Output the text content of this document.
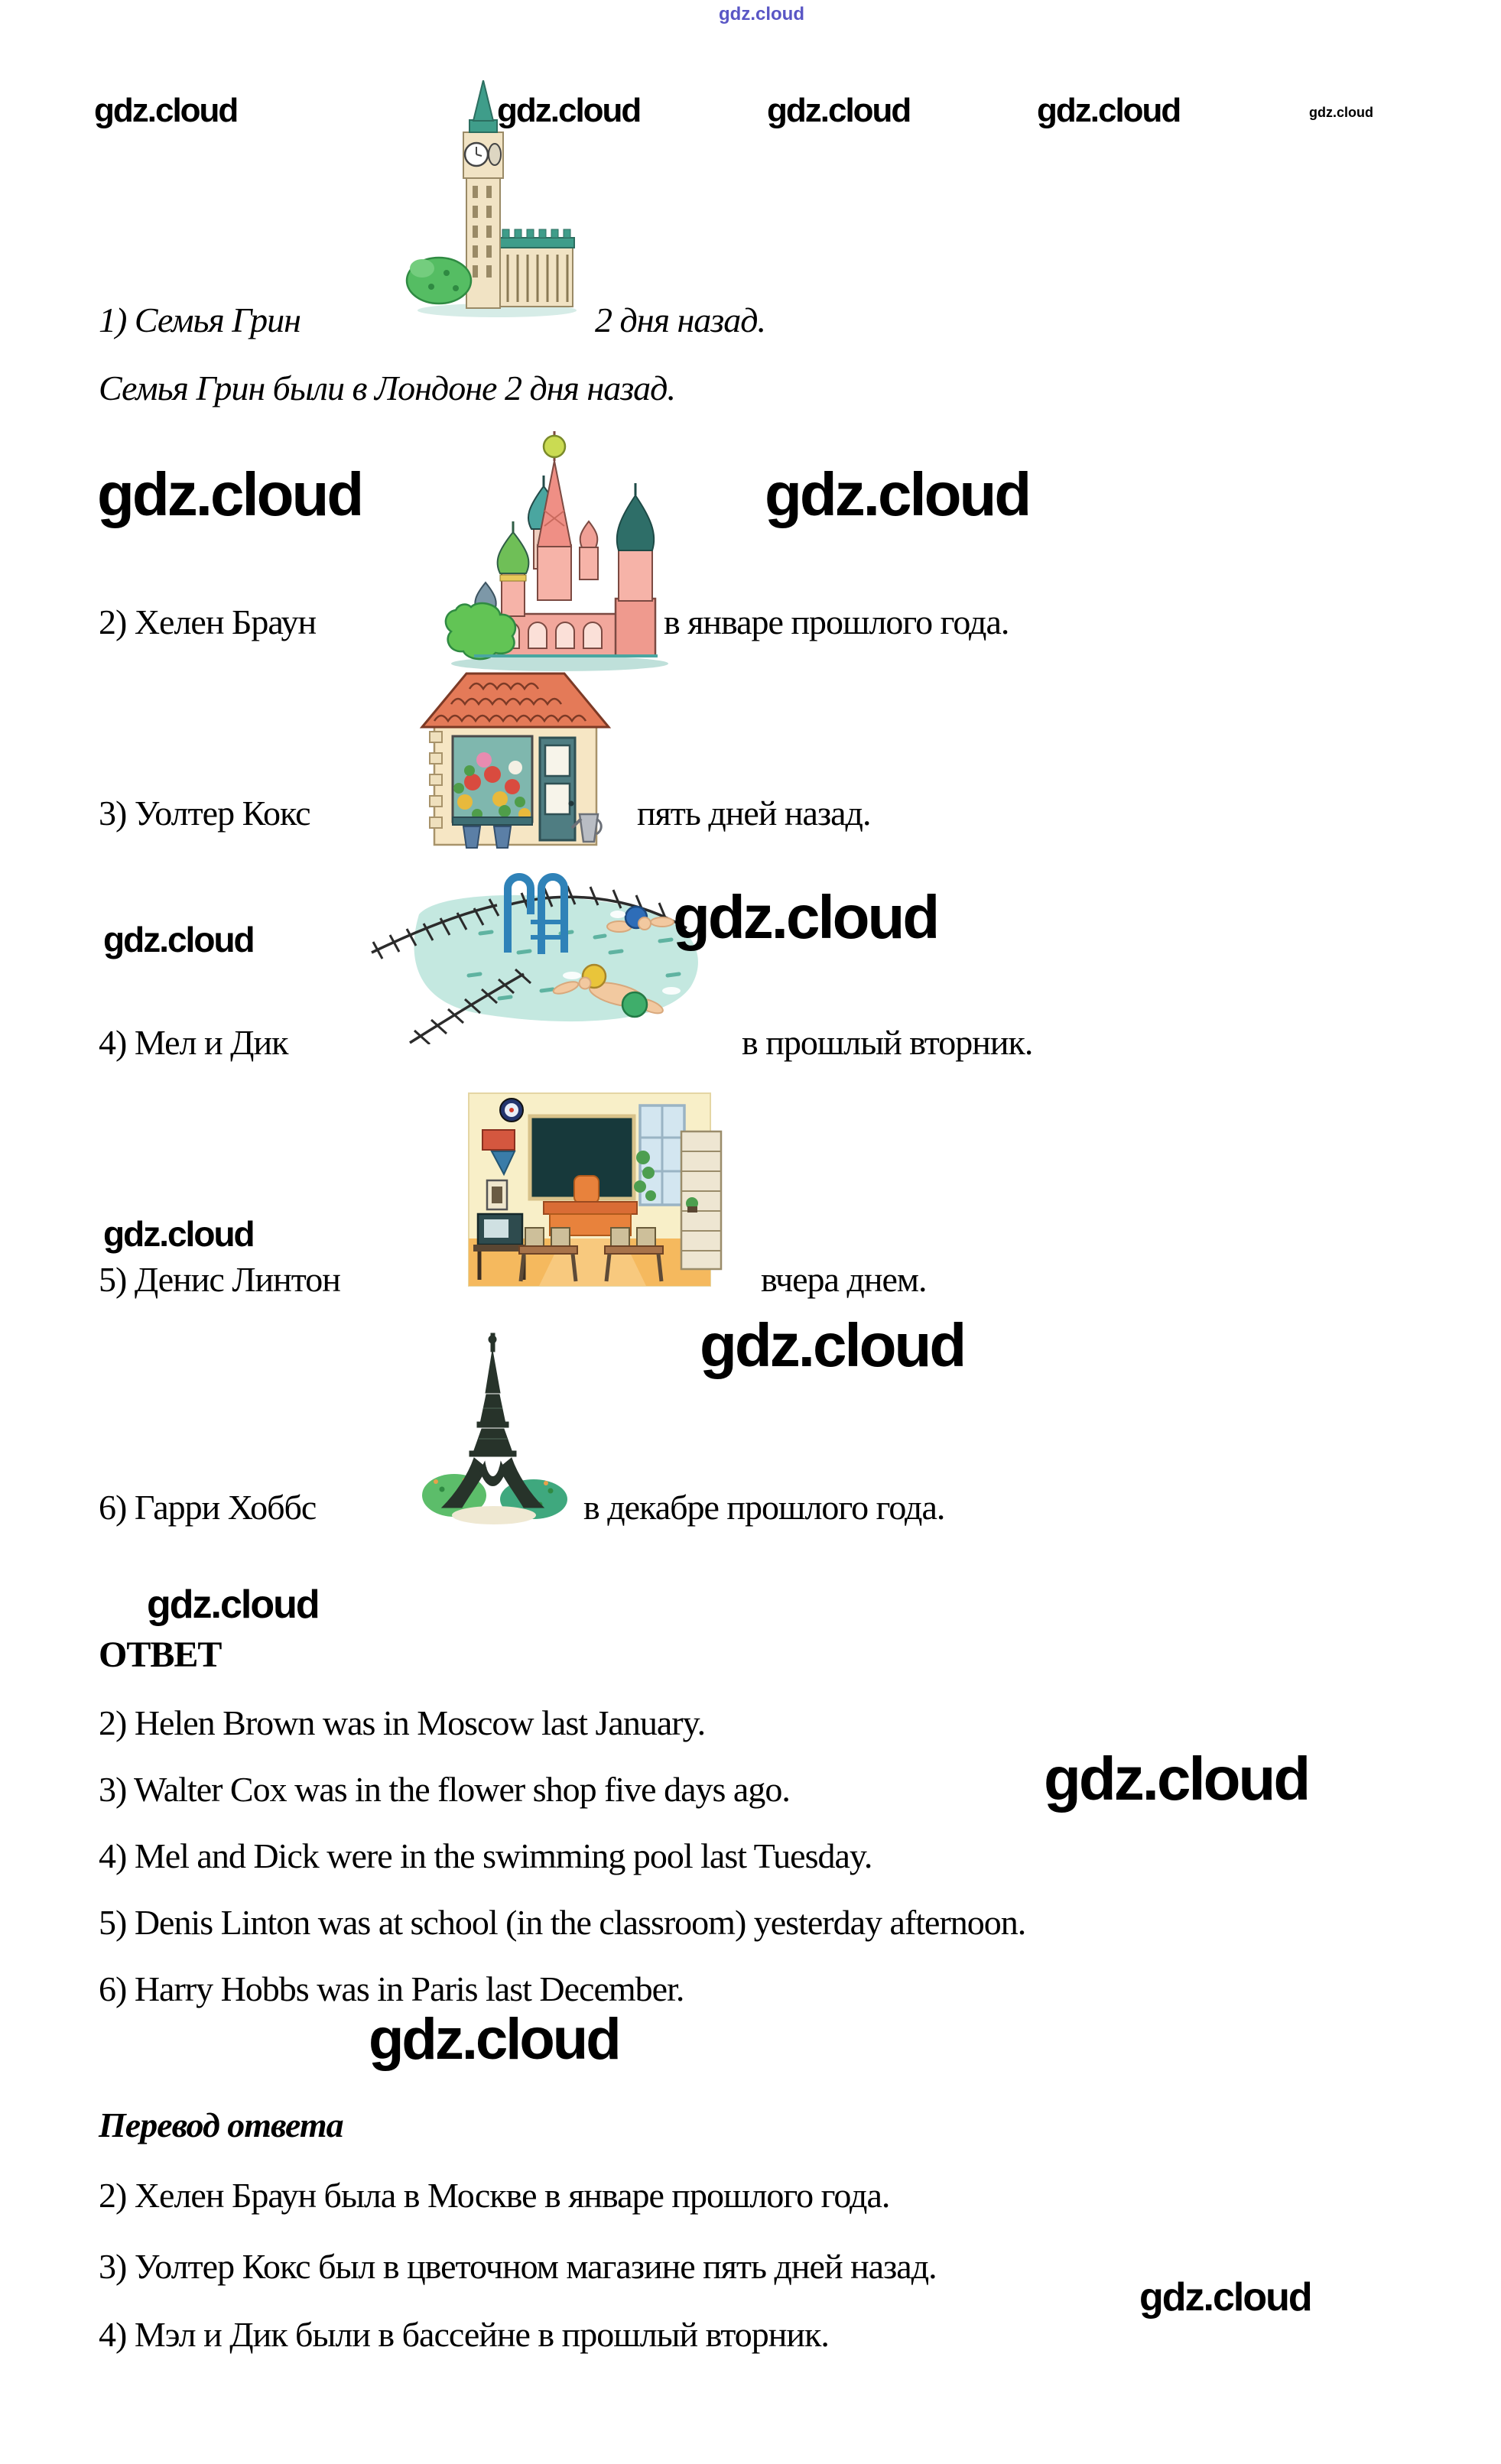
gdz.cloud
gdz.cloud	gdz.cloud	gdz.cloud	gdz.cloud	gdz.cloud
1) Семья Грин	2 дня назад.
Семья Грин были в Лондоне 2 дня назад.
gdz.cloud	gdz.cloud
2) Хелен Браун	в январе прошлого года.
3) Уолтер Кокс	пять дней назад.
gdz.cloud	gdz.cloud
4) Мел и Дик	в прошлый вторник.
gdz.cloud
5) Денис Линтон	вчера днем.
gdz.cloud
6) Гарри Хоббс	в декабре прошлого года.
gdz.cloud
ОТВЕТ
2) Helen Brown was in Moscow last January.
3) Walter Cox was in the flower shop five days ago.	gdz.cloud
4) Mel and Dick were in the swimming pool last Tuesday.
5) Denis Linton was at school (in the classroom) yesterday afternoon.
6) Harry Hobbs was in Paris last December.
gdz.cloud
Перевод ответа
2) Хелен Браун была в Москве в январе прошлого года.
3) Уолтер Кокс был в цветочном магазине пять дней назад.
4) Мэл и Дик были в бассейне в прошлый вторник.
gdz.cloud
